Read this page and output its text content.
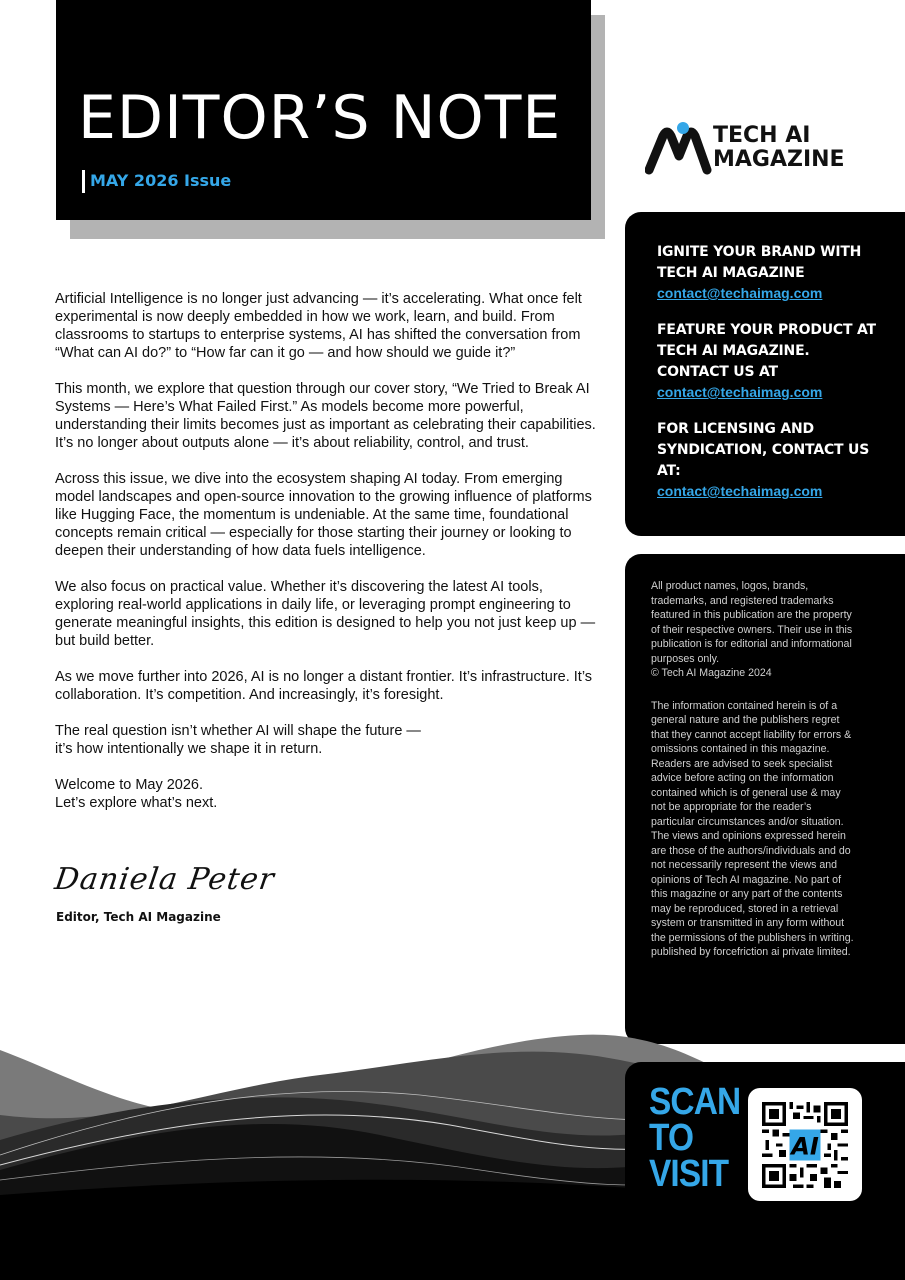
EDITOR’S NOTE
MAY 2026 Issue
TECH AI
MAGAZINE

Artificial Intelligence is no longer just advancing — it’s accelerating. What once felt experimental is now deeply embedded in how we work, learn, and build. From classrooms to startups to enterprise systems, AI has shifted the conversation from “What can AI do?” to “How far can it go — and how should we guide it?”

This month, we explore that question through our cover story, “We Tried to Break AI Systems — Here’s What Failed First.” As models become more powerful, understanding their limits becomes just as important as celebrating their capabilities. It’s no longer about outputs alone — it’s about reliability, control, and trust.

Across this issue, we dive into the ecosystem shaping AI today. From emerging model landscapes and open-source innovation to the growing influence of platforms like Hugging Face, the momentum is undeniable. At the same time, foundational concepts remain critical — especially for those starting their journey or looking to deepen their understanding of how data fuels intelligence.

We also focus on practical value. Whether it’s discovering the latest AI tools, exploring real-world applications in daily life, or leveraging prompt engineering to generate meaningful insights, this edition is designed to help you not just keep up — but build better.

As we move further into 2026, AI is no longer a distant frontier. It’s infrastructure. It’s collaboration. It’s competition. And increasingly, it’s foresight.

The real question isn’t whether AI will shape the future —
it’s how intentionally we shape it in return.

Welcome to May 2026.
Let’s explore what’s next.

Daniela Peter
Editor, Tech AI Magazine
IGNITE YOUR BRAND WITH TECH AI MAGAZINE
contact@techaimag.com
FEATURE YOUR PRODUCT AT TECH AI MAGAZINE. CONTACT US AT
contact@techaimag.com
FOR LICENSING AND SYNDICATION, CONTACT US AT:
contact@techaimag.com
All product names, logos, brands, trademarks, and registered trademarks featured in this publication are the property of their respective owners. Their use in this publication is for editorial and informational purposes only.
© Tech AI Magazine 2024
The information contained herein is of a general nature and the publishers regret that they cannot accept liability for errors & omissions contained in this magazine. Readers are advised to seek specialist advice before acting on the information contained which is of general use & may not be appropriate for the reader’s particular circumstances and/or situation. The views and opinions expressed herein are those of the authors/individuals and do not necessarily represent the views and opinions of Tech AI magazine. No part of this magazine or any part of the contents may be reproduced, stored in a retrieval system or transmitted in any form without the permissions of the publishers in writing. published by forcefriction ai private limited.
SCAN
TO
VISIT
AI
